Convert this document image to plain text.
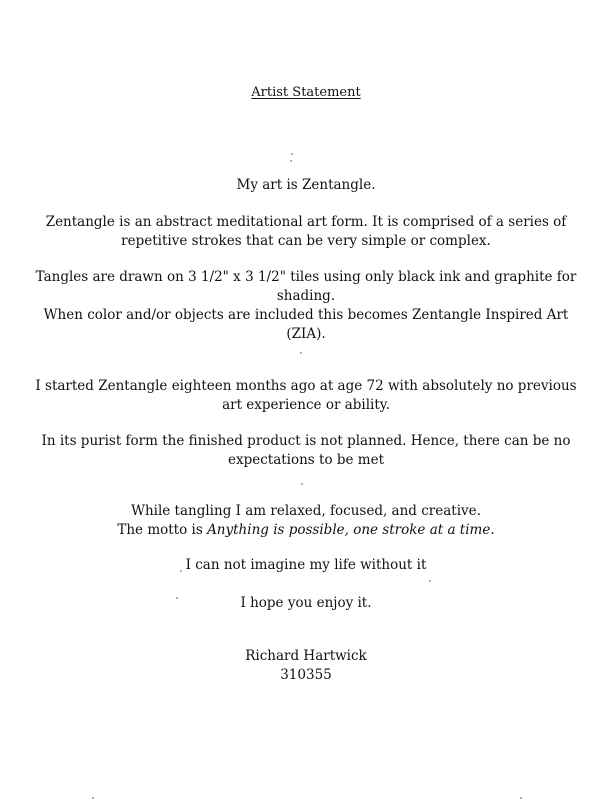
Artist Statement
My art is Zentangle.
Zentangle is an abstract meditational art form. It is comprised of a series of
repetitive strokes that can be very simple or complex.
Tangles are drawn on 3 1/2" x 3 1/2" tiles using only black ink and graphite for
shading.
When color and/or objects are included this becomes Zentangle Inspired Art
(ZIA).
I started Zentangle eighteen months ago at age 72 with absolutely no previous
art experience or ability.
In its purist form the finished product is not planned. Hence, there can be no
expectations to be met
While tangling I am relaxed, focused, and creative.
The motto is Anything is possible, one stroke at a time.
I can not imagine my life without it
I hope you enjoy it.
Richard Hartwick
310355
